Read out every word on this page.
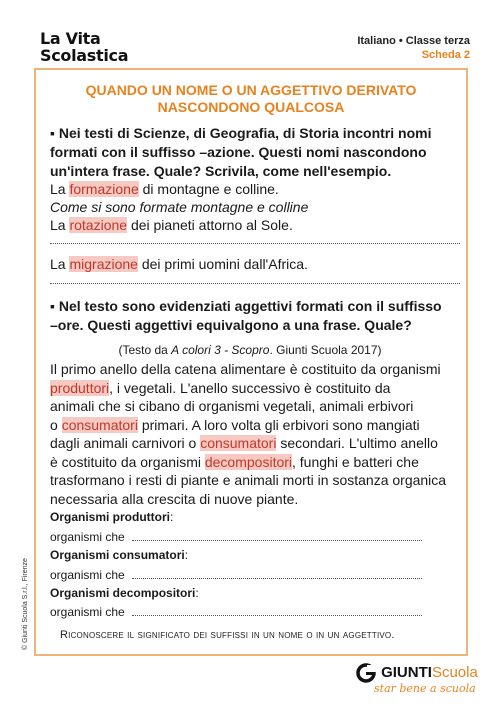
La Vita
Scolastica
Italiano • Classe terza
Scheda 2
QUANDO UN NOME O UN AGGETTIVO DERIVATO
NASCONDONO QUALCOSA
▪ Nei testi di Scienze, di Geografia, di Storia incontri nomi
formati con il suffisso –azione. Questi nomi nascondono
un'intera frase. Quale? Scrivila, come nell'esempio.
La formazione di montagne e colline.
Come si sono formate montagne e colline
La rotazione dei pianeti attorno al Sole.
La migrazione dei primi uomini dall'Africa.
▪ Nel testo sono evidenziati aggettivi formati con il suffisso
–ore. Questi aggettivi equivalgono a una frase. Quale?
(Testo da A colori 3 - Scopro. Giunti Scuola 2017)
Il primo anello della catena alimentare è costituito da organismi
produttori, i vegetali. L'anello successivo è costituito da
animali che si cibano di organismi vegetali, animali erbivori
o consumatori primari. A loro volta gli erbivori sono mangiati
dagli animali carnivori o consumatori secondari. L'ultimo anello
è costituito da organismi decompositori, funghi e batteri che
trasformano i resti di piante e animali morti in sostanza organica
necessaria alla crescita di nuove piante.
Organismi produttori:
organismi che
Organismi consumatori:
organismi che
Organismi decompositori:
organismi che
Riconoscere il significato dei suffissi in un nome o in un aggettivo.
© Giunti Scuola S.r.l., Firenze
GIUNTIScuola
star bene a scuola
